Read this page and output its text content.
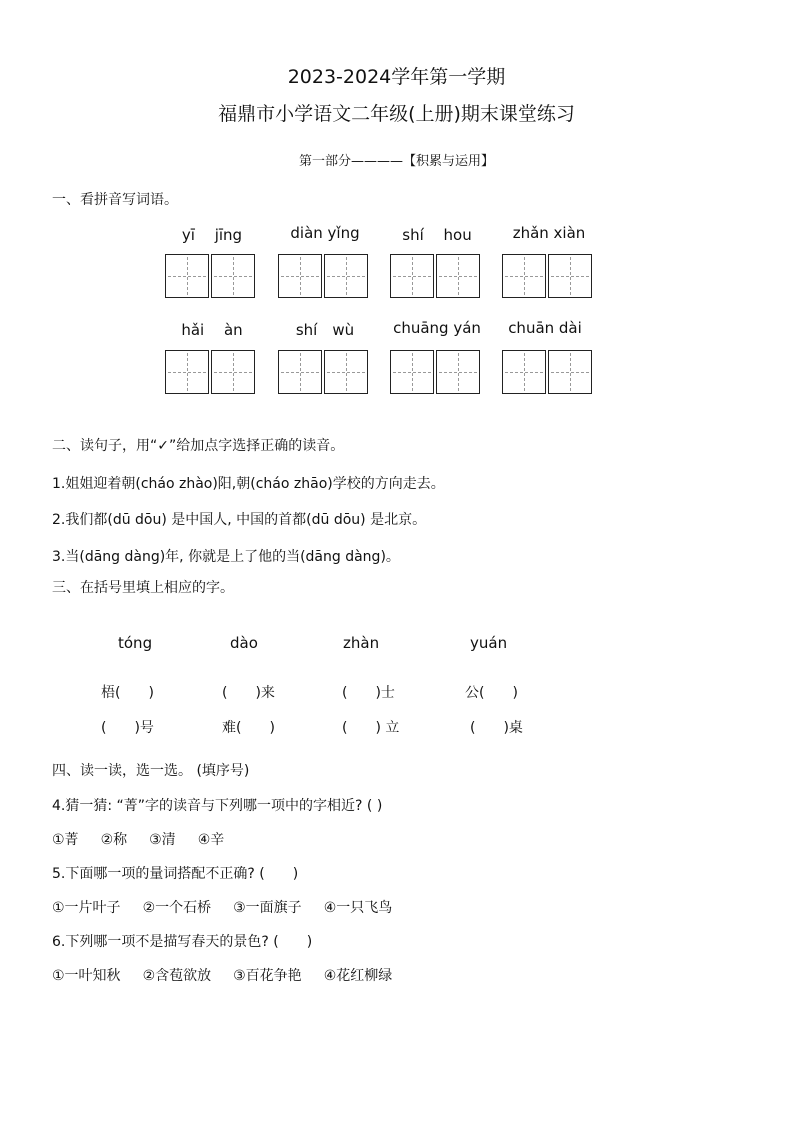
2023-2024学年第一学期
福鼎市小学语文二年级(上册)期末课堂练习
第一部分————【积累与运用】
一、看拼音写词语。
yī　 jīng	diàn yǐng	shí　 hou	zhǎn xiàn
hǎi　 àn	shí　wù	chuāng yán	chuān dài
二、读句子，用“✓”给加点字选择正确的读音。
1.姐姐迎着朝(cháo zhào)阳,朝(cháo zhāo)学校的方向走去。
2.我们都(dū dōu) 是中国人, 中国的首都(dū dōu) 是北京。
3.当(dāng dàng)年, 你就是上了他的当(dāng dàng)。
三、在括号里填上相应的字。
tóng	dào	zhàn	yuán
梧(　　)	(　　)来	(　　)士	公(　　)
(　　)号	难(　　)	(　　) 立	(　　)桌
四、读一读，选一选。 (填序号)
4.猜一猜: “菁”字的读音与下列哪一项中的字相近? ( )
①菁 ②称 ③清 ④辛
5.下面哪一项的量词搭配不正确? (　　)
①一片叶子 ②一个石桥 ③一面旗子 ④一只飞鸟
6.下列哪一项不是描写春天的景色? (　　)
①一叶知秋 ②含苞欲放 ③百花争艳 ④花红柳绿
